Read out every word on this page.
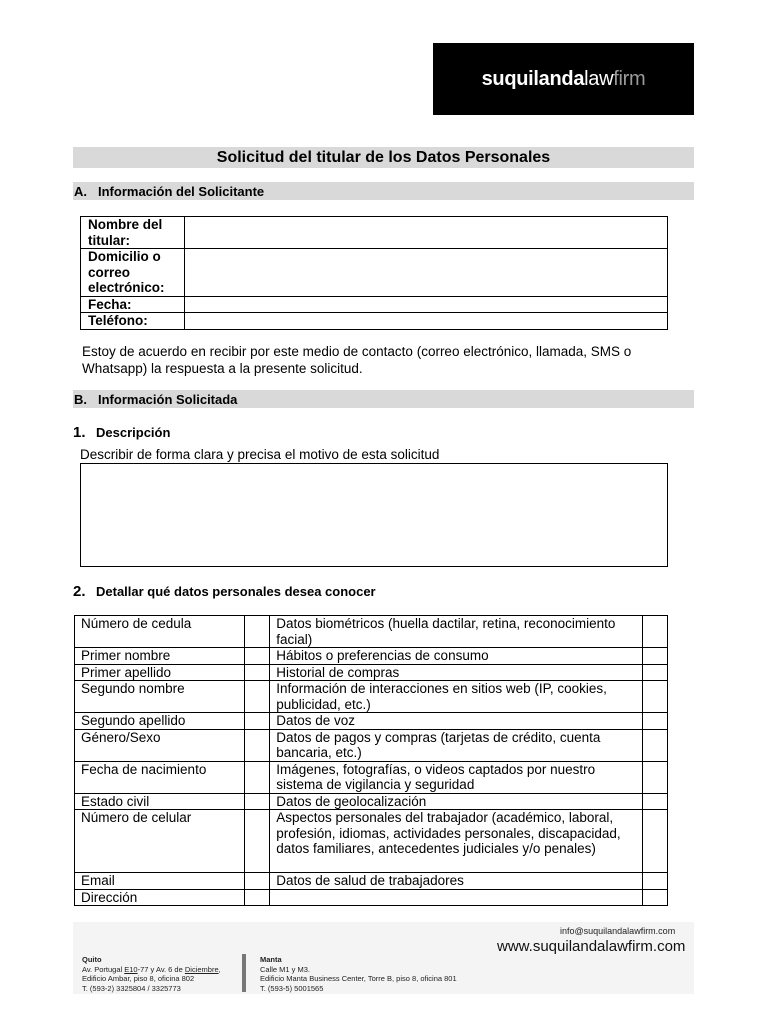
suquilanda law firm
Solicitud del titular de los Datos Personales
A. Información del Solicitante
Nombre del titular:	
Domicilio o correo electrónico:	
Fecha:	
Teléfono:	
Estoy de acuerdo en recibir por este medio de contacto (correo electrónico, llamada, SMS o Whatsapp) la respuesta a la presente solicitud.
B. Información Solicitada
1. Descripción
Describir de forma clara y precisa el motivo de esta solicitud
2. Detallar qué datos personales desea conocer
Número de cedula		Datos biométricos (huella dactilar, retina, reconocimiento facial)	
Primer nombre		Hábitos o preferencias de consumo	
Primer apellido		Historial de compras	
Segundo nombre		Información de interacciones en sitios web (IP, cookies, publicidad, etc.)	
Segundo apellido		Datos de voz	
Género/Sexo		Datos de pagos y compras (tarjetas de crédito, cuenta bancaria, etc.)	
Fecha de nacimiento		Imágenes, fotografías, o videos captados por nuestro sistema de vigilancia y seguridad	
Estado civil		Datos de geolocalización	
Número de celular		Aspectos personales del trabajador (académico, laboral, profesión, idiomas, actividades personales, discapacidad, datos familiares, antecedentes judiciales y/o penales)	
Email		Datos de salud de trabajadores	
Dirección			
info@suquilandalawfirm.com
www.suquilandalawfirm.com
Quito
Av. Portugal E10-77 y Av. 6 de Diciembre,
Edificio Ambar, piso 8, oficina 802
T. (593-2) 3325804 / 3325773
Manta
Calle M1 y M3.
Edificio Manta Business Center, Torre B, piso 8, oficina 801
T. (593-5) 5001565
